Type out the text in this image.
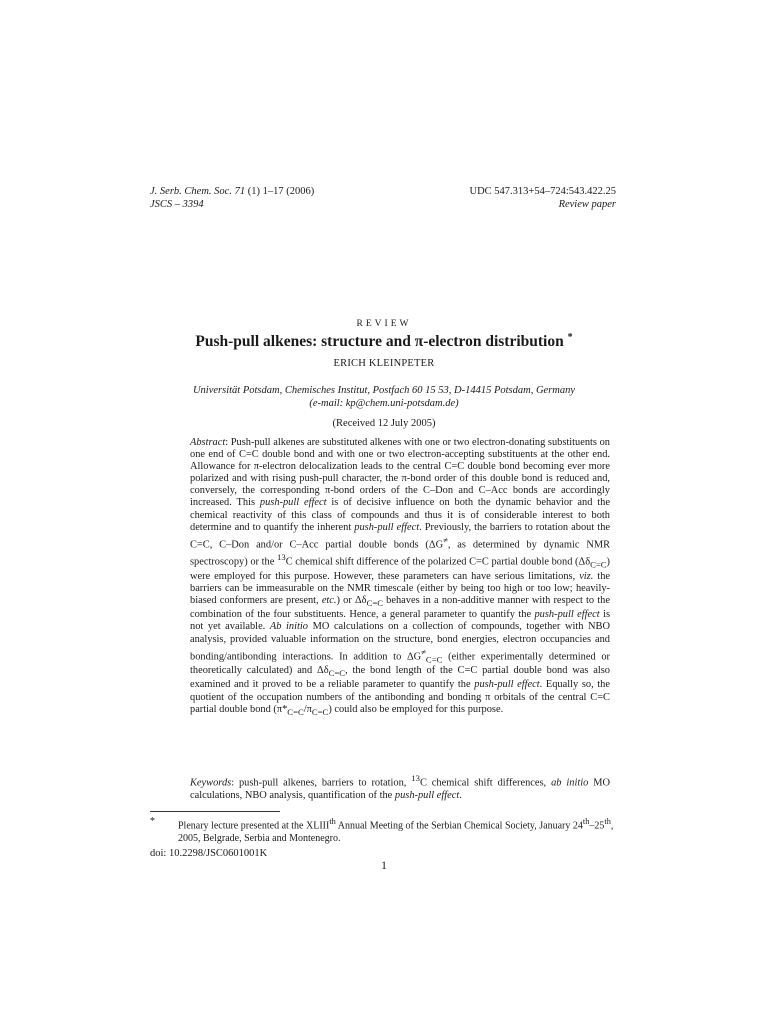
J. Serb. Chem. Soc. 71 (1) 1–17 (2006)
JSCS – 3394
UDC 547.313+54–724:543.422.25
Review paper
REVIEW
Push-pull alkenes: structure and π-electron distribution *
ERICH KLEINPETER
Universität Potsdam, Chemisches Institut, Postfach 60 15 53, D-14415 Potsdam, Germany
(e-mail: kp@chem.uni-potsdam.de)
(Received 12 July 2005)

Abstract: Push-pull alkenes are substituted alkenes with one or two electron-donating substituents on one end of C=C double bond and with one or two electron-accepting substituents at the other end. Allowance for π-electron delocalization leads to the central C=C double bond becoming ever more polarized and with rising push-pull character, the π-bond order of this double bond is reduced and, conversely, the corresponding π-bond orders of the C–Don and C–Acc bonds are accordingly increased. This push-pull effect is of decisive influence on both the dynamic behavior and the chemical reactivity of this class of compounds and thus it is of considerable interest to both determine and to quantify the inherent push-pull effect. Previously, the barriers to rotation about the C=C, C–Don and/or C–Acc partial double bonds (ΔG≠, as determined by dynamic NMR spectroscopy) or the $^{13}$C chemical shift difference of the polarized C=C partial double bond $(\Delta\delta_{C=C})$ were employed for this purpose. However, these parameters can have serious limitations, viz. the barriers can be immeasurable on the NMR timescale (either by being too high or too low; heavily-biased conformers are present, etc.) or $\Delta\delta_{C=C}$ behaves in a non-additive manner with respect to the combination of the four substituents. Hence, a general parameter to quantify the push-pull effect is not yet available. Ab initio MO calculations on a collection of compounds, together with NBO analysis, provided valuable information on the structure, bond energies, electron occupancies and bonding/antibonding interactions. In addition to $\Delta G^\ne_{C=C}$ (either experimentally determined or theoretically calculated) and $\Delta\delta_{C=C}$, the bond length of the C=C partial double bond was also examined and it proved to be a reliable parameter to quantify the push-pull effect. Equally so, the quotient of the occupation numbers of the antibonding and bonding π orbitals of the central C=C partial double bond $(\pi*_{C=C}/\pi_{C=C})$ could also be employed for this purpose.

Keywords: push-pull alkenes, barriers to rotation, $^{13}$C chemical shift differences, ab initio MO calculations, NBO analysis, quantification of the push-pull effect.

*	Plenary lecture presented at the XLIIIth Annual Meeting of the Serbian Chemical Society, January 24th–25th, 2005, Belgrade, Serbia and Montenegro.
doi: 10.2298/JSC0601001K
1
